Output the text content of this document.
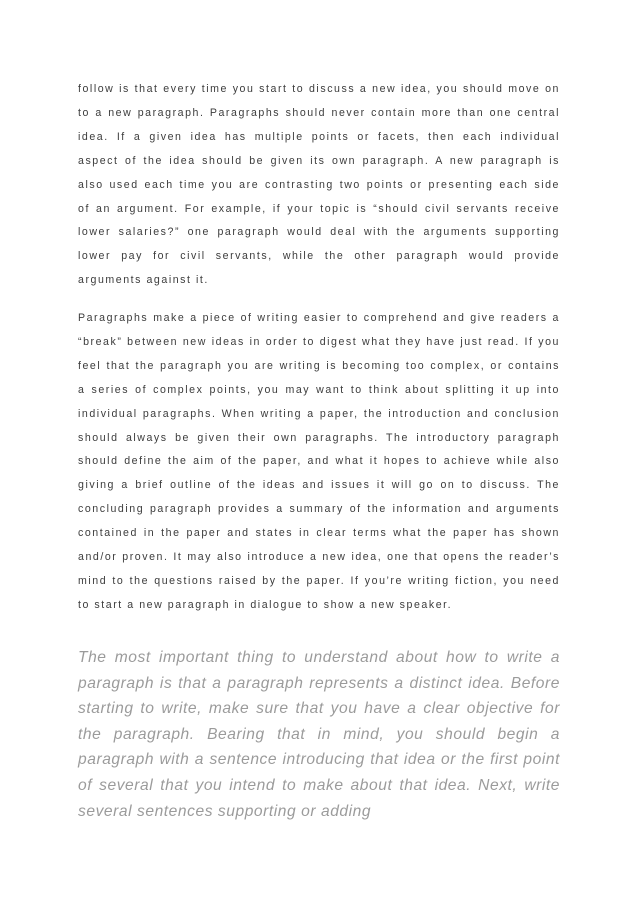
follow is that every time you start to discuss a new idea, you should move on to a new paragraph. Paragraphs should never contain more than one central idea. If a given idea has multiple points or facets, then each individual aspect of the idea should be given its own paragraph. A new paragraph is also used each time you are contrasting two points or presenting each side of an argument. For example, if your topic is “should civil servants receive lower salaries?” one paragraph would deal with the arguments supporting lower pay for civil servants, while the other paragraph would provide arguments against it.

Paragraphs make a piece of writing easier to comprehend and give readers a “break” between new ideas in order to digest what they have just read. If you feel that the paragraph you are writing is becoming too complex, or contains a series of complex points, you may want to think about splitting it up into individual paragraphs. When writing a paper, the introduction and conclusion should always be given their own paragraphs. The introductory paragraph should define the aim of the paper, and what it hopes to achieve while also giving a brief outline of the ideas and issues it will go on to discuss. The concluding paragraph provides a summary of the information and arguments contained in the paper and states in clear terms what the paper has shown and/or proven. It may also introduce a new idea, one that opens the reader’s mind to the questions raised by the paper. If you’re writing fiction, you need to start a new paragraph in dialogue to show a new speaker.

The most important thing to understand about how to write a paragraph is that a paragraph represents a distinct idea. Before starting to write, make sure that you have a clear objective for the paragraph. Bearing that in mind, you should begin a paragraph with a sentence introducing that idea or the first point of several that you intend to make about that idea. Next, write several sentences supporting or adding
